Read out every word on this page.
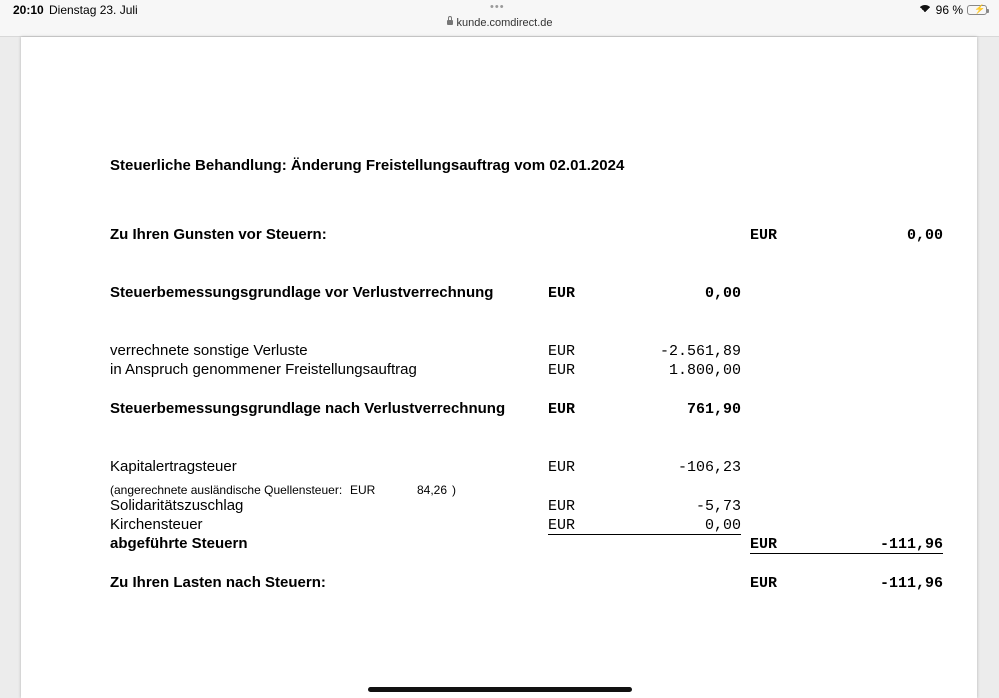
20:10 Dienstag 23. Juli	•••
kunde.comdirect.de
96 % ⚡
Steuerliche Behandlung: Änderung Freistellungsauftrag vom 02.01.2024
Zu Ihren Gunsten vor Steuern:	EUR	0,00
Steuerbemessungsgrundlage vor Verlustverrechnung	EUR	0,00
verrechnete sonstige Verluste	EUR	-2.561,89
in Anspruch genommener Freistellungsauftrag	EUR	1.800,00
Steuerbemessungsgrundlage nach Verlustverrechnung	EUR	761,90
Kapitalertragsteuer	EUR	-106,23
(angerechnete ausländische Quellensteuer: EUR	84,26 )
Solidaritätszuschlag	EUR	-5,73
Kirchensteuer	EUR	0,00
abgeführte Steuern	EUR	-111,96
Zu Ihren Lasten nach Steuern:	EUR	-111,96
